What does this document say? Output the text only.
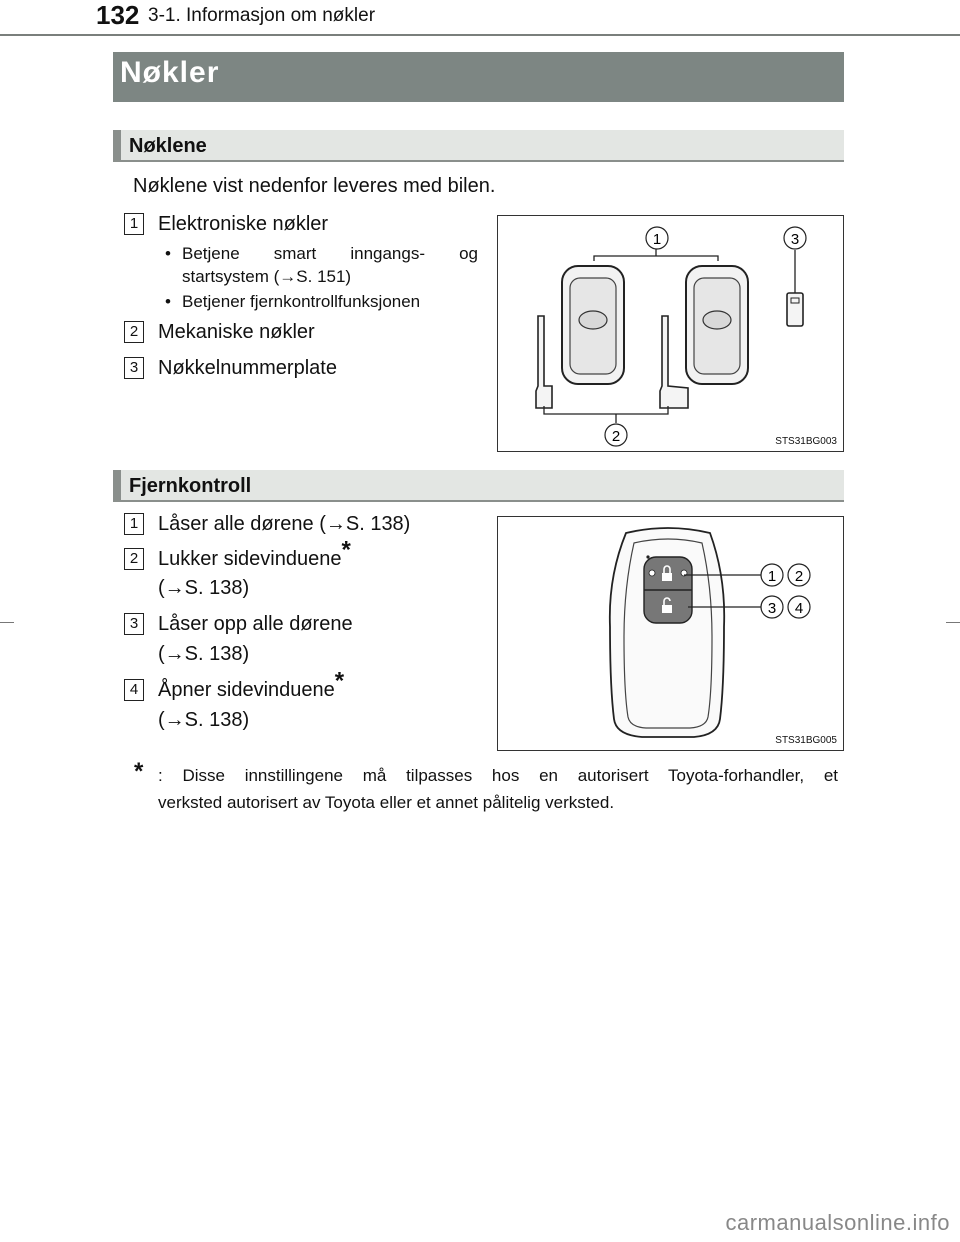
132 3-1. Informasjon om nøkler
Nøkler
Nøklene
Nøklene vist nedenfor leveres med bilen.
1 Elektroniske nøkler
• Betjene smart inngangs- og
startsystem (→S. 151)
• Betjener fjernkontrollfunksjonen
2 Mekaniske nøkler
3 Nøkkelnummerplate
1	3
2	STS31BG003
Fjernkontroll
1 Låser alle dørene (→S. 138)
2 Lukker sidevinduene*
(→S. 138)
3 Låser opp alle dørene
(→S. 138)
4 Åpner sidevinduene*
(→S. 138)
1 2
3 4
STS31BG005
* : Disse innstillingene må tilpasses hos en autorisert Toyota-forhandler, et
verksted autorisert av Toyota eller et annet pålitelig verksted.
carmanualsonline.info
